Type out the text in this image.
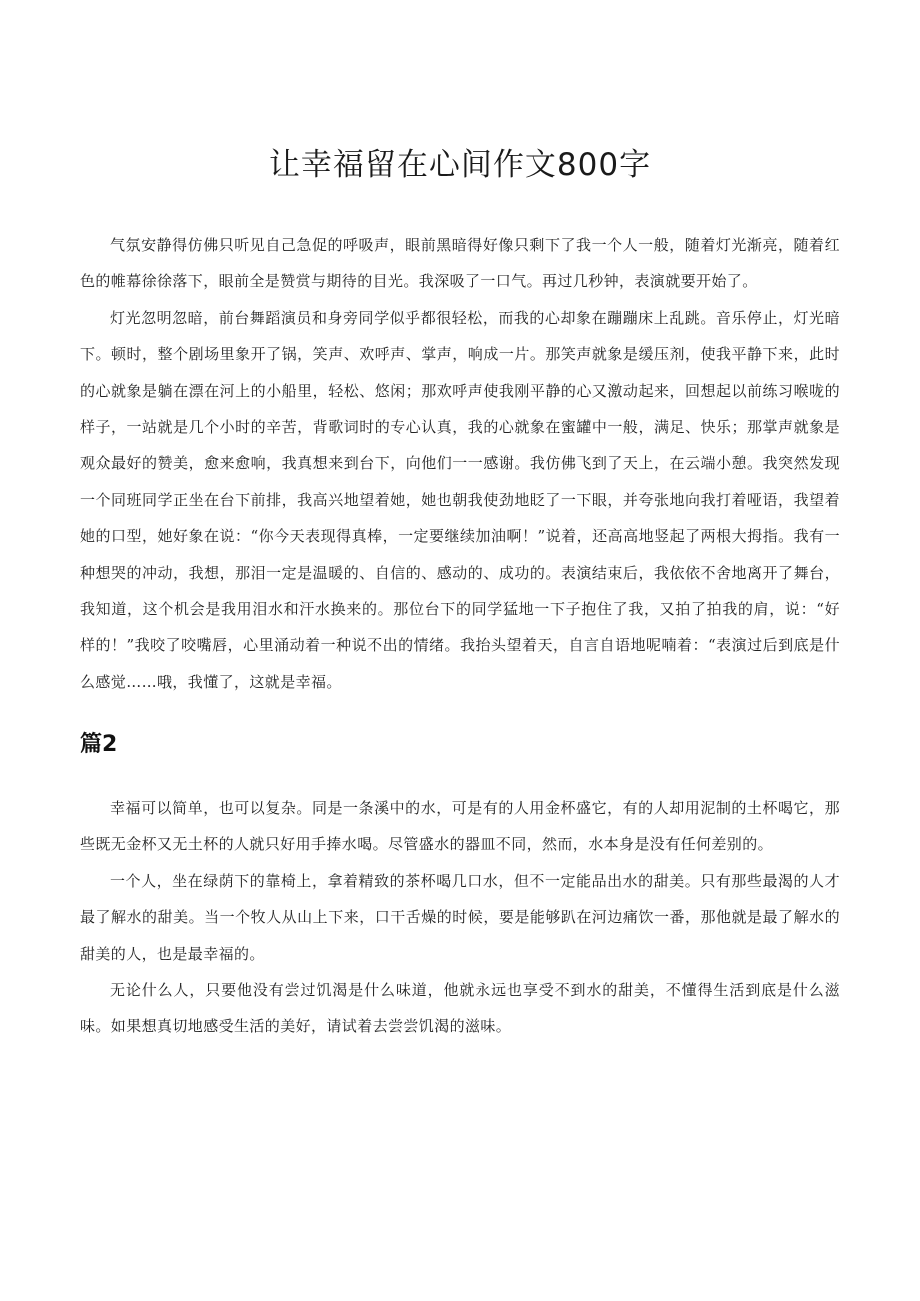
让幸福留在心间作文800字

气氛安静得仿佛只听见自己急促的呼吸声，眼前黑暗得好像只剩下了我一个人一般，随着灯光渐亮，随着红色的帷幕徐徐落下，眼前全是赞赏与期待的目光。我深吸了一口气。再过几秒钟，表演就要开始了。

灯光忽明忽暗，前台舞蹈演员和身旁同学似乎都很轻松，而我的心却象在蹦蹦床上乱跳。音乐停止，灯光暗下。顿时，整个剧场里象开了锅，笑声、欢呼声、掌声，响成一片。那笑声就象是缓压剂，使我平静下来，此时的心就象是躺在漂在河上的小船里，轻松、悠闲；那欢呼声使我刚平静的心又激动起来，回想起以前练习喉咙的样子，一站就是几个小时的辛苦，背歌词时的专心认真，我的心就象在蜜罐中一般，满足、快乐；那掌声就象是观众最好的赞美，愈来愈响，我真想来到台下，向他们一一感谢。我仿佛飞到了天上，在云端小憩。我突然发现一个同班同学正坐在台下前排，我高兴地望着她，她也朝我使劲地眨了一下眼，并夸张地向我打着哑语，我望着她的口型，她好象在说：“你今天表现得真棒，一定要继续加油啊！”说着，还高高地竖起了两根大拇指。我有一种想哭的冲动，我想，那泪一定是温暖的、自信的、感动的、成功的。表演结束后，我依依不舍地离开了舞台，我知道，这个机会是我用泪水和汗水换来的。那位台下的同学猛地一下子抱住了我，又拍了拍我的肩，说：“好样的！”我咬了咬嘴唇，心里涌动着一种说不出的情绪。我抬头望着天，自言自语地呢喃着：“表演过后到底是什么感觉……哦，我懂了，这就是幸福。

篇2

幸福可以简单，也可以复杂。同是一条溪中的水，可是有的人用金杯盛它，有的人却用泥制的土杯喝它，那些既无金杯又无土杯的人就只好用手捧水喝。尽管盛水的器皿不同，然而，水本身是没有任何差别的。

一个人，坐在绿荫下的靠椅上，拿着精致的茶杯喝几口水，但不一定能品出水的甜美。只有那些最渴的人才最了解水的甜美。当一个牧人从山上下来，口干舌燥的时候，要是能够趴在河边痛饮一番，那他就是最了解水的甜美的人，也是最幸福的。

无论什么人，只要他没有尝过饥渴是什么味道，他就永远也享受不到水的甜美，不懂得生活到底是什么滋味。如果想真切地感受生活的美好，请试着去尝尝饥渴的滋味。
